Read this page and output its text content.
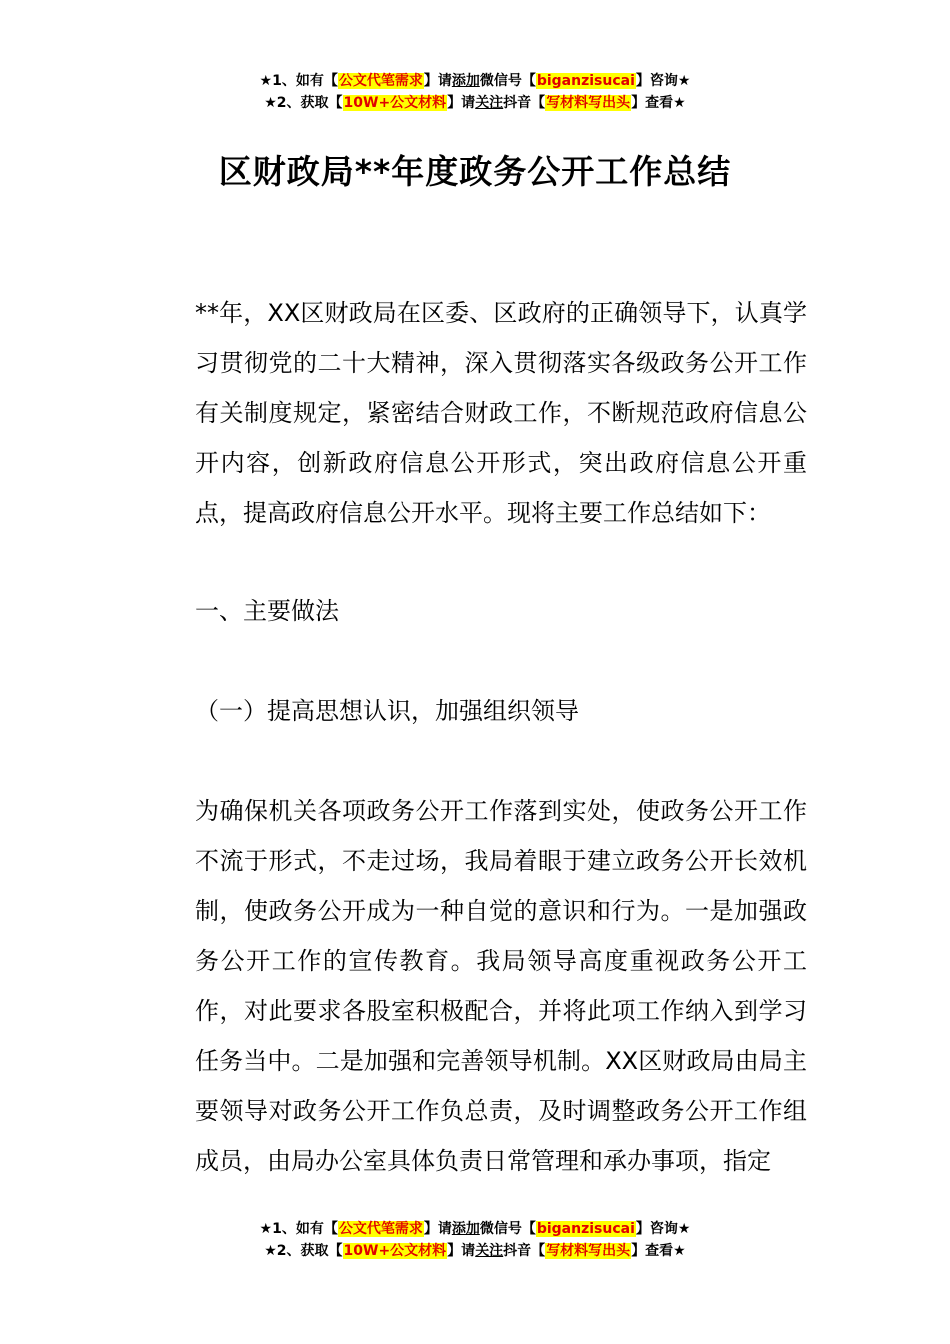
★1、如有【公文代笔需求】请添加微信号【biganzisucai】咨询★
★2、获取【10W+公文材料】请关注抖音【写材料写出头】查看★
区财政局**年度政务公开工作总结
**年，XX区财政局在区委、区政府的正确领导下，认真学习贯彻党的二十大精神，深入贯彻落实各级政务公开工作有关制度规定，紧密结合财政工作，不断规范政府信息公开内容，创新政府信息公开形式，突出政府信息公开重点，提高政府信息公开水平。现将主要工作总结如下：
一、主要做法
（一）提高思想认识，加强组织领导
为确保机关各项政务公开工作落到实处，使政务公开工作不流于形式，不走过场，我局着眼于建立政务公开长效机制，使政务公开成为一种自觉的意识和行为。一是加强政务公开工作的宣传教育。我局领导高度重视政务公开工作，对此要求各股室积极配合，并将此项工作纳入到学习任务当中。二是加强和完善领导机制。XX区财政局由局主要领导对政务公开工作负总责，及时调整政务公开工作组成员，由局办公室具体负责日常管理和承办事项，指定
★1、如有【公文代笔需求】请添加微信号【biganzisucai】咨询★
★2、获取【10W+公文材料】请关注抖音【写材料写出头】查看★
